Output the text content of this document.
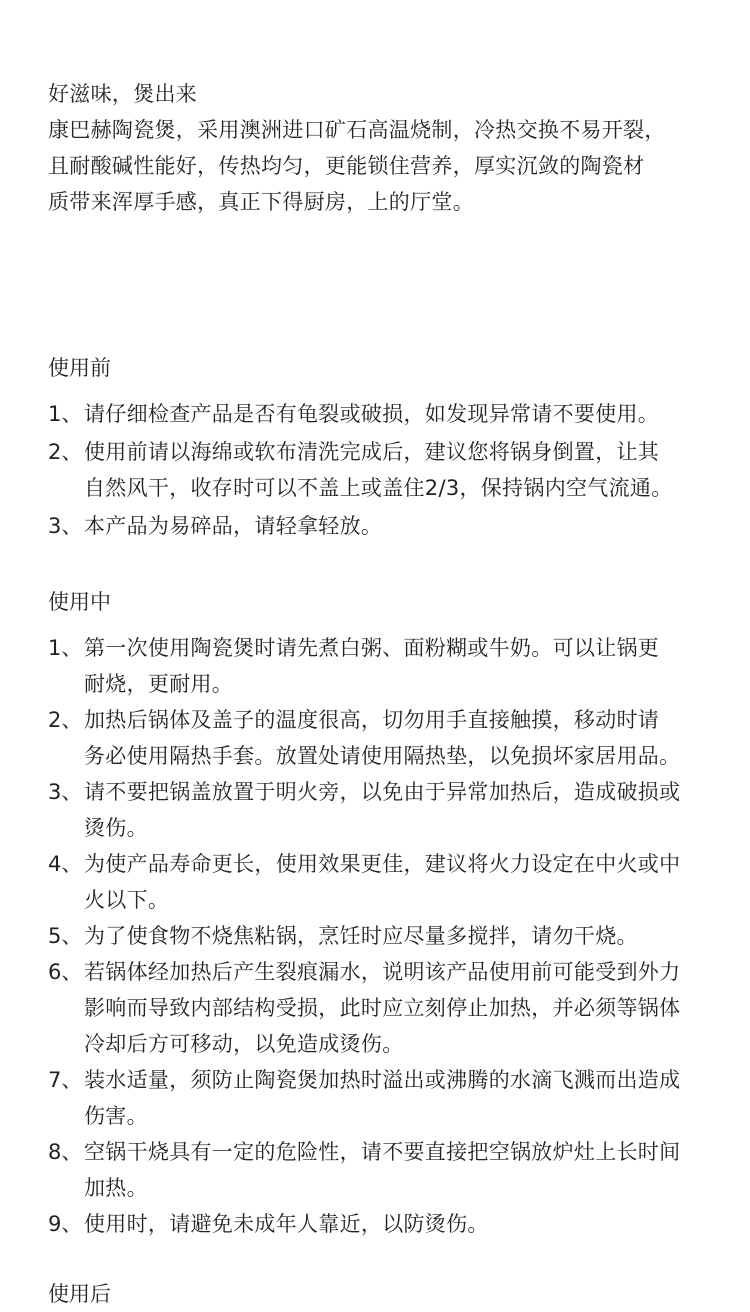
好滋味，煲出来
康巴赫陶瓷煲，采用澳洲进口矿石高温烧制，冷热交换不易开裂，
且耐酸碱性能好，传热均匀，更能锁住营养，厚实沉敛的陶瓷材
质带来浑厚手感，真正下得厨房，上的厅堂。
使用前
1、 请仔细检查产品是否有龟裂或破损，如发现异常请不要使用。
2、 使用前请以海绵或软布清洗完成后，建议您将锅身倒置，让其
自然风干，收存时可以不盖上或盖住2/3，保持锅内空气流通。
3、 本产品为易碎品，请轻拿轻放。
使用中
1、 第一次使用陶瓷煲时请先煮白粥、面粉糊或牛奶。可以让锅更
耐烧，更耐用。
2、 加热后锅体及盖子的温度很高，切勿用手直接触摸，移动时请
务必使用隔热手套。放置处请使用隔热垫，以免损坏家居用品。
3、 请不要把锅盖放置于明火旁，以免由于异常加热后，造成破损或
烫伤。
4、 为使产品寿命更长，使用效果更佳，建议将火力设定在中火或中
火以下。
5、 为了使食物不烧焦粘锅，烹饪时应尽量多搅拌，请勿干烧。
6、 若锅体经加热后产生裂痕漏水，说明该产品使用前可能受到外力
影响而导致内部结构受损，此时应立刻停止加热，并必须等锅体
冷却后方可移动，以免造成烫伤。
7、 装水适量，须防止陶瓷煲加热时溢出或沸腾的水滴飞溅而出造成
伤害。
8、 空锅干烧具有一定的危险性，请不要直接把空锅放炉灶上长时间
加热。
9、 使用时，请避免未成年人靠近，以防烫伤。
使用后
